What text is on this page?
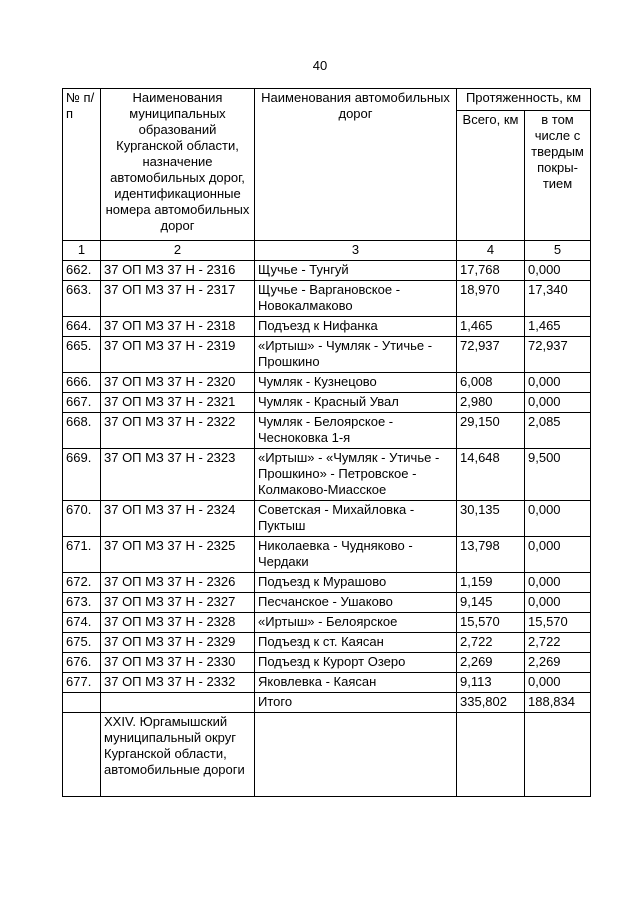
40
№ п/п	Наименования муниципальных образований Курганской области, назначение автомобильных дорог, идентификационные номера автомобильных дорог	Наименования автомобильных дорог	Протяженность, км	
			Всего, км	в том числе с твердым покры-тием
1	2	3	4	5
662.	37 ОП МЗ 37 Н - 2316	Щучье - Тунгуй	17,768	0,000
663.	37 ОП МЗ 37 Н - 2317	Щучье - Варгановское - Новокалмаково	18,970	17,340
664.	37 ОП МЗ 37 Н - 2318	Подъезд к Нифанка	1,465	1,465
665.	37 ОП МЗ 37 Н - 2319	«Иртыш» - Чумляк - Утичье - Прошкино	72,937	72,937
666.	37 ОП МЗ 37 Н - 2320	Чумляк - Кузнецово	6,008	0,000
667.	37 ОП МЗ 37 Н - 2321	Чумляк - Красный Увал	2,980	0,000
668.	37 ОП МЗ 37 Н - 2322	Чумляк - Белоярское - Чесноковка 1-я	29,150	2,085
669.	37 ОП МЗ 37 Н - 2323	«Иртыш» - «Чумляк - Утичье - Прошкино» - Петровское - Колмаково-Миасское	14,648	9,500
670.	37 ОП МЗ 37 Н - 2324	Советская - Михайловка - Пуктыш	30,135	0,000
671.	37 ОП МЗ 37 Н - 2325	Николаевка - Чудняково - Чердаки	13,798	0,000
672.	37 ОП МЗ 37 Н - 2326	Подъезд к Мурашово	1,159	0,000
673.	37 ОП МЗ 37 Н - 2327	Песчанское - Ушаково	9,145	0,000
674.	37 ОП МЗ 37 Н - 2328	«Иртыш» - Белоярское	15,570	15,570
675.	37 ОП МЗ 37 Н - 2329	Подъезд к ст. Каясан	2,722	2,722
676.	37 ОП МЗ 37 Н - 2330	Подъезд к Курорт Озеро	2,269	2,269
677.	37 ОП МЗ 37 Н - 2332	Яковлевка - Каясан	9,113	0,000
		Итого	335,802	188,834
	XXIV. Юргамышский муниципальный округ Курганской области, автомобильные дороги			
